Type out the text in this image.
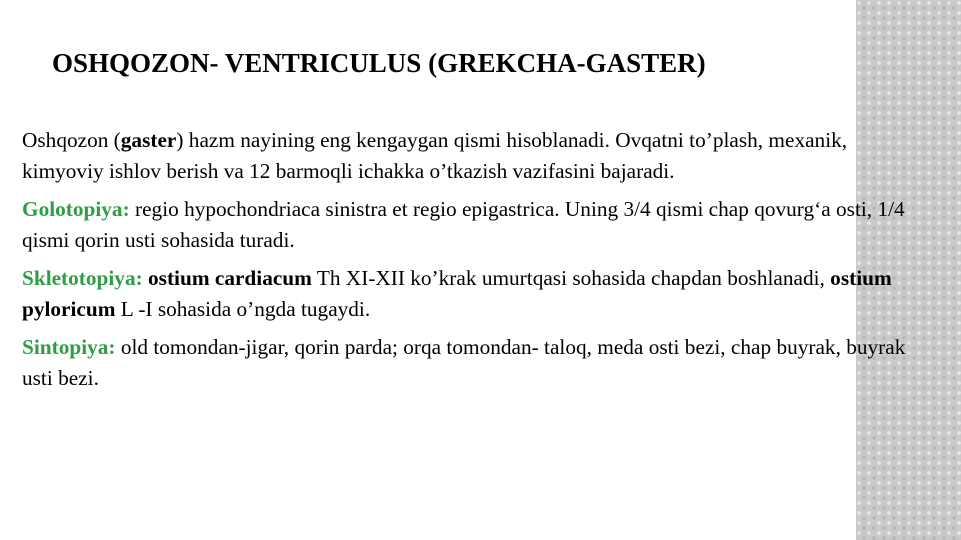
OSHQOZON- VENTRICULUS (GREKCHA-GASTER)

Oshqozon (gaster) hazm nayining eng kengaygan qismi hisoblanadi. Ovqatni to’plash, mexanik, kimyoviy ishlov berish va 12 barmoqli ichakka o’tkazish vazifasini bajaradi.

Golotopiya: regio hypochondriaca sinistra et regio epigastrica. Uning 3/4 qismi chap qovurg‘a osti, 1/4 qismi qorin usti sohasida turadi.

Skletotopiya: ostium cardiacum Th XI-XII ko’krak umurtqasi sohasida chapdan boshlanadi, ostium pyloricum L -I sohasida o’ngda tugaydi.

Sintopiya: old tomondan-jigar, qorin parda; orqa tomondan- taloq, meda osti bezi, chap buyrak, buyrak usti bezi.
